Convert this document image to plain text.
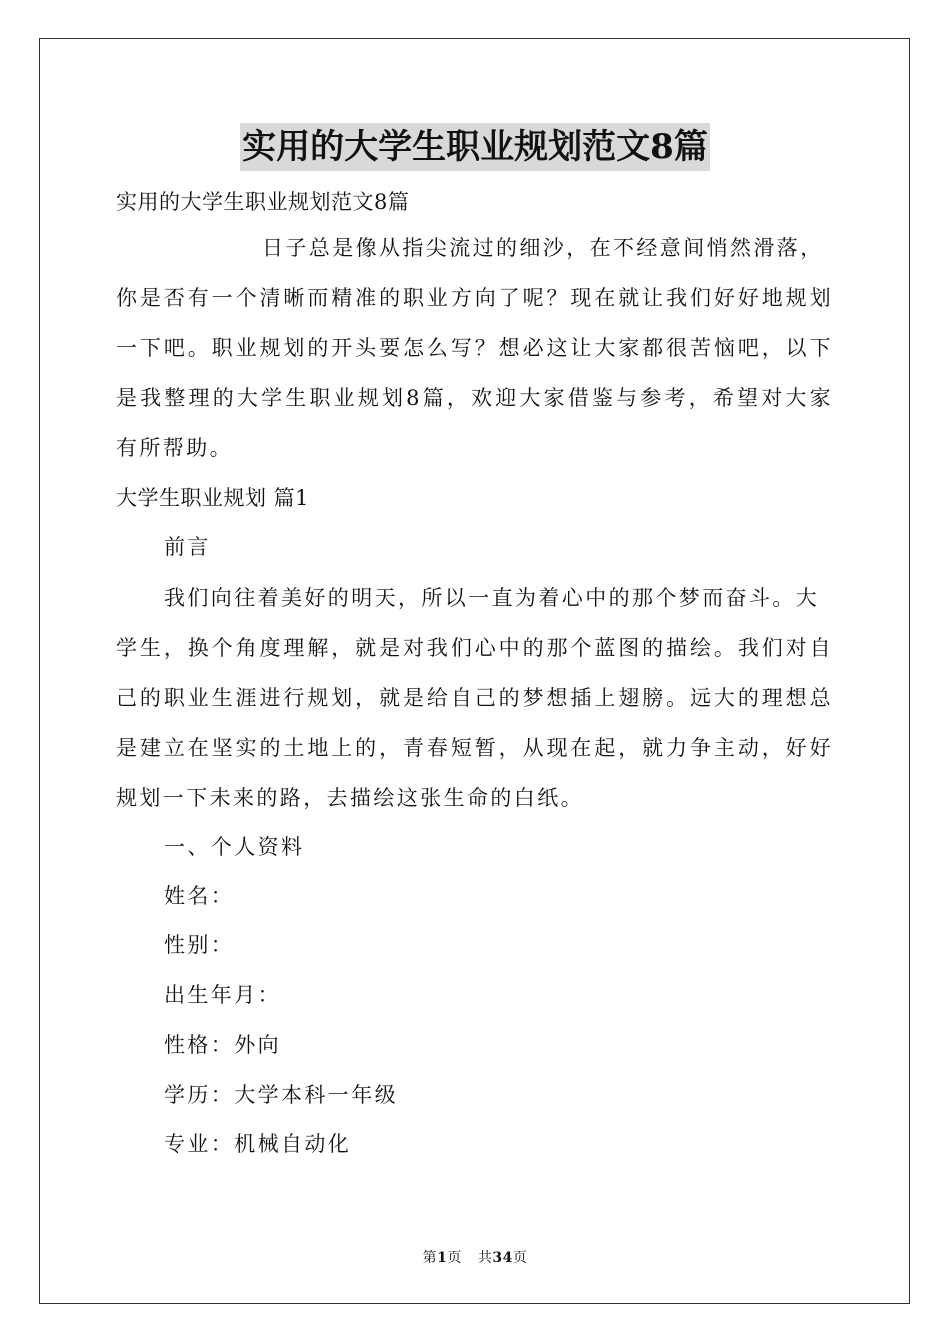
实用的大学生职业规划范文8篇
实用的大学生职业规划范文8篇
日子总是像从指尖流过的细沙，在不经意间悄然滑落，
你是否有一个清晰而精准的职业方向了呢？现在就让我们好好地规划一下吧。职业规划的开头要怎么写？想必这让大家都很苦恼吧，以下是我整理的大学生职业规划8篇，欢迎大家借鉴与参考，希望对大家有所帮助。
大学生职业规划 篇1
前言
我们向往着美好的明天，所以一直为着心中的那个梦而奋斗。大
学生，换个角度理解，就是对我们心中的那个蓝图的描绘。我们对自己的职业生涯进行规划，就是给自己的梦想插上翅膀。远大的理想总是建立在坚实的土地上的，青春短暂，从现在起，就力争主动，好好规划一下未来的路，去描绘这张生命的白纸。
一、个人资料
姓名：
性别：
出生年月：
性格：外向
学历：大学本科一年级
专业：机械自动化
第1页 共34页
